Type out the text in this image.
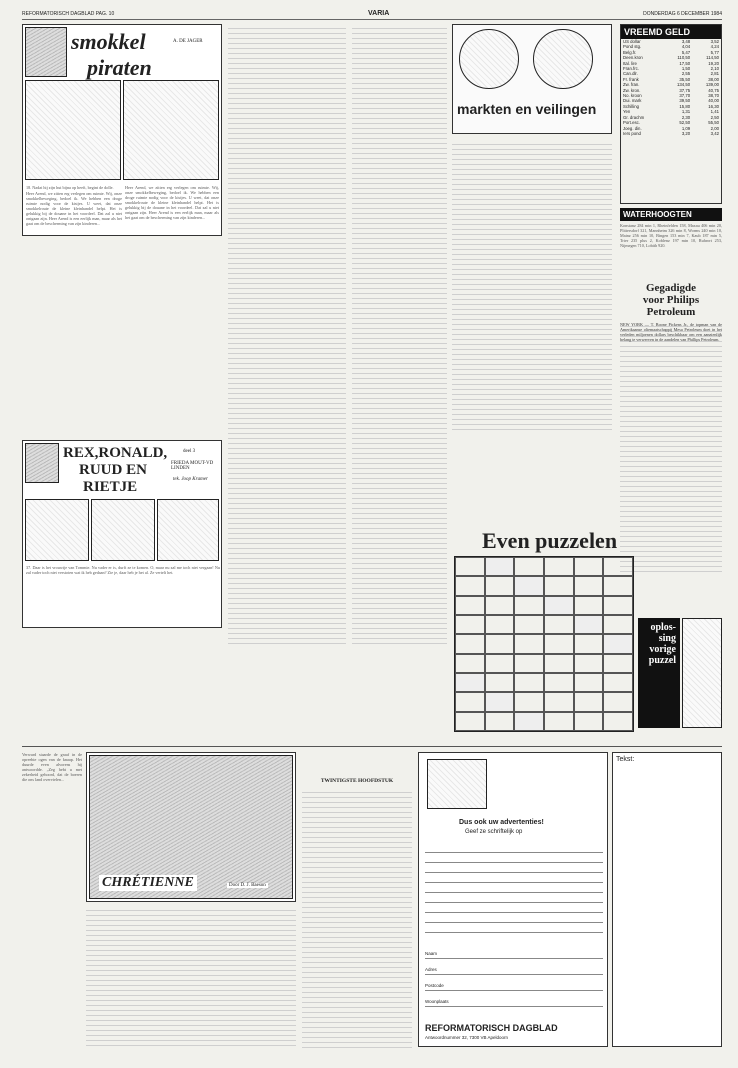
REFORMATORISCH DAGBLAD PAG. 10	VARIA	DONDERDAG 6 DECEMBER 1984
smokkel
piraten
A. DE JAGER

18. Nadat hij zijn hut bijna op heeft, begint de dolle.

Heer Arend, we zitten erg verlegen om ruimte. Wij, onze smokkelbeweging, bedoel ik. We hebben een droge ruimte nodig voor de kistjes. U weet, dat onze smokkelroute de kleine kleinhandel helpt. Het is gelukkig bij de douane in het voordeel. Dat zal u niet ontgaan zijn. Heer Arend is een eerlijk man, maar als het gaat om de bescherming van zijn kinderen...

Heer Arend, we zitten erg verlegen om ruimte. Wij, onze smokkelbeweging, bedoel ik. We hebben een droge ruimte nodig voor de kistjes. U weet, dat onze smokkelroute de kleine kleinhandel helpt. Het is gelukkig bij de douane in het voordeel. Dat zal u niet ontgaan zijn. Heer Arend is een eerlijk man, maar als het gaat om de bescherming van zijn kinderen...

REX,RONALD,
RUUD EN
RIETJE
deel 3
FRIEDA MOUT-VD LINDEN
tek. Joop Kramer
37. Daar is het vrouwtje van Tommie. Nu vader er is, durft ze te komen. O, maar nu zal me toch niet vergaan! Nu zal vader toch niet verstoten wat ik heb gedaan? Zie je, daar heb je het al. Ze vertelt het.
markten en veilingen
VREEMD GELD
US dollar	3,48	3,52
Pond stg.	4,04	4,24
Belg.fr.	5,47	5,77
Deen.kron	110,50	114,50
Ital. lire	17,50	19,20
Fran.frc.	1,50	2,10
Can.dlr.	2,55	2,81
Fr. frank	35,50	38,00
Zw. fran.	134,50	139,00
Zw. kron.	37,75	40,75
No. kroon	37,70	38,70
Dui. mark	39,50	40,00
Schilling	15,80	16,30
Yen	1,31	1,41
Gr. drachm	2,30	2,50
Port.esc.	52,50	55,50
Joeg. din.	1,09	2,00
Iers pond	3,20	3,42
WATERHOOGTEN
Konstanz 284 min 1, Rheinfelden 158, Maxau 406 min 20, Plittersdorf 321, Mannheim 326 min 8, Worms 240 min 10, Mainz 256 min 10, Bingen 153 min 7, Kaub 187 min 5, Trier 235 plus 2, Koblenz 197 min 10, Ruhrort 253, Nijmegen 710, Lobith 920.
Gegadigde
voor Philips
Petroleum
NEW YORK — T. Boone Pickens Jr., de topman van de Amerikaanse oliemaatschappij Mesa Petroleum doet in het verleden miljoenen dollars beschikbaar om een aanzienlijk belang te verwerven in de aandelen van Phillips Petroleum.
Even puzzelen
oplos-sing vorige puzzel

Verward staarde de graaf in de opreehte ogen van de knaap. Het duurde even alvorens hij antwoordde. „Zeg hebt u met zekerheid gehoord, dat de boeren die ons land overvielen...

CHRÉTIENNE	Door D. J. Baeson
TWINTIGSTE HOOFDSTUK
Dus ook uw advertenties!
Geef ze schriftelijk op
Naam
Adres
Postcode
Woonplaats
REFORMATORISCH DAGBLAD
Antwoordnummer 32, 7300 VB Apeldoorn
Tekst:
